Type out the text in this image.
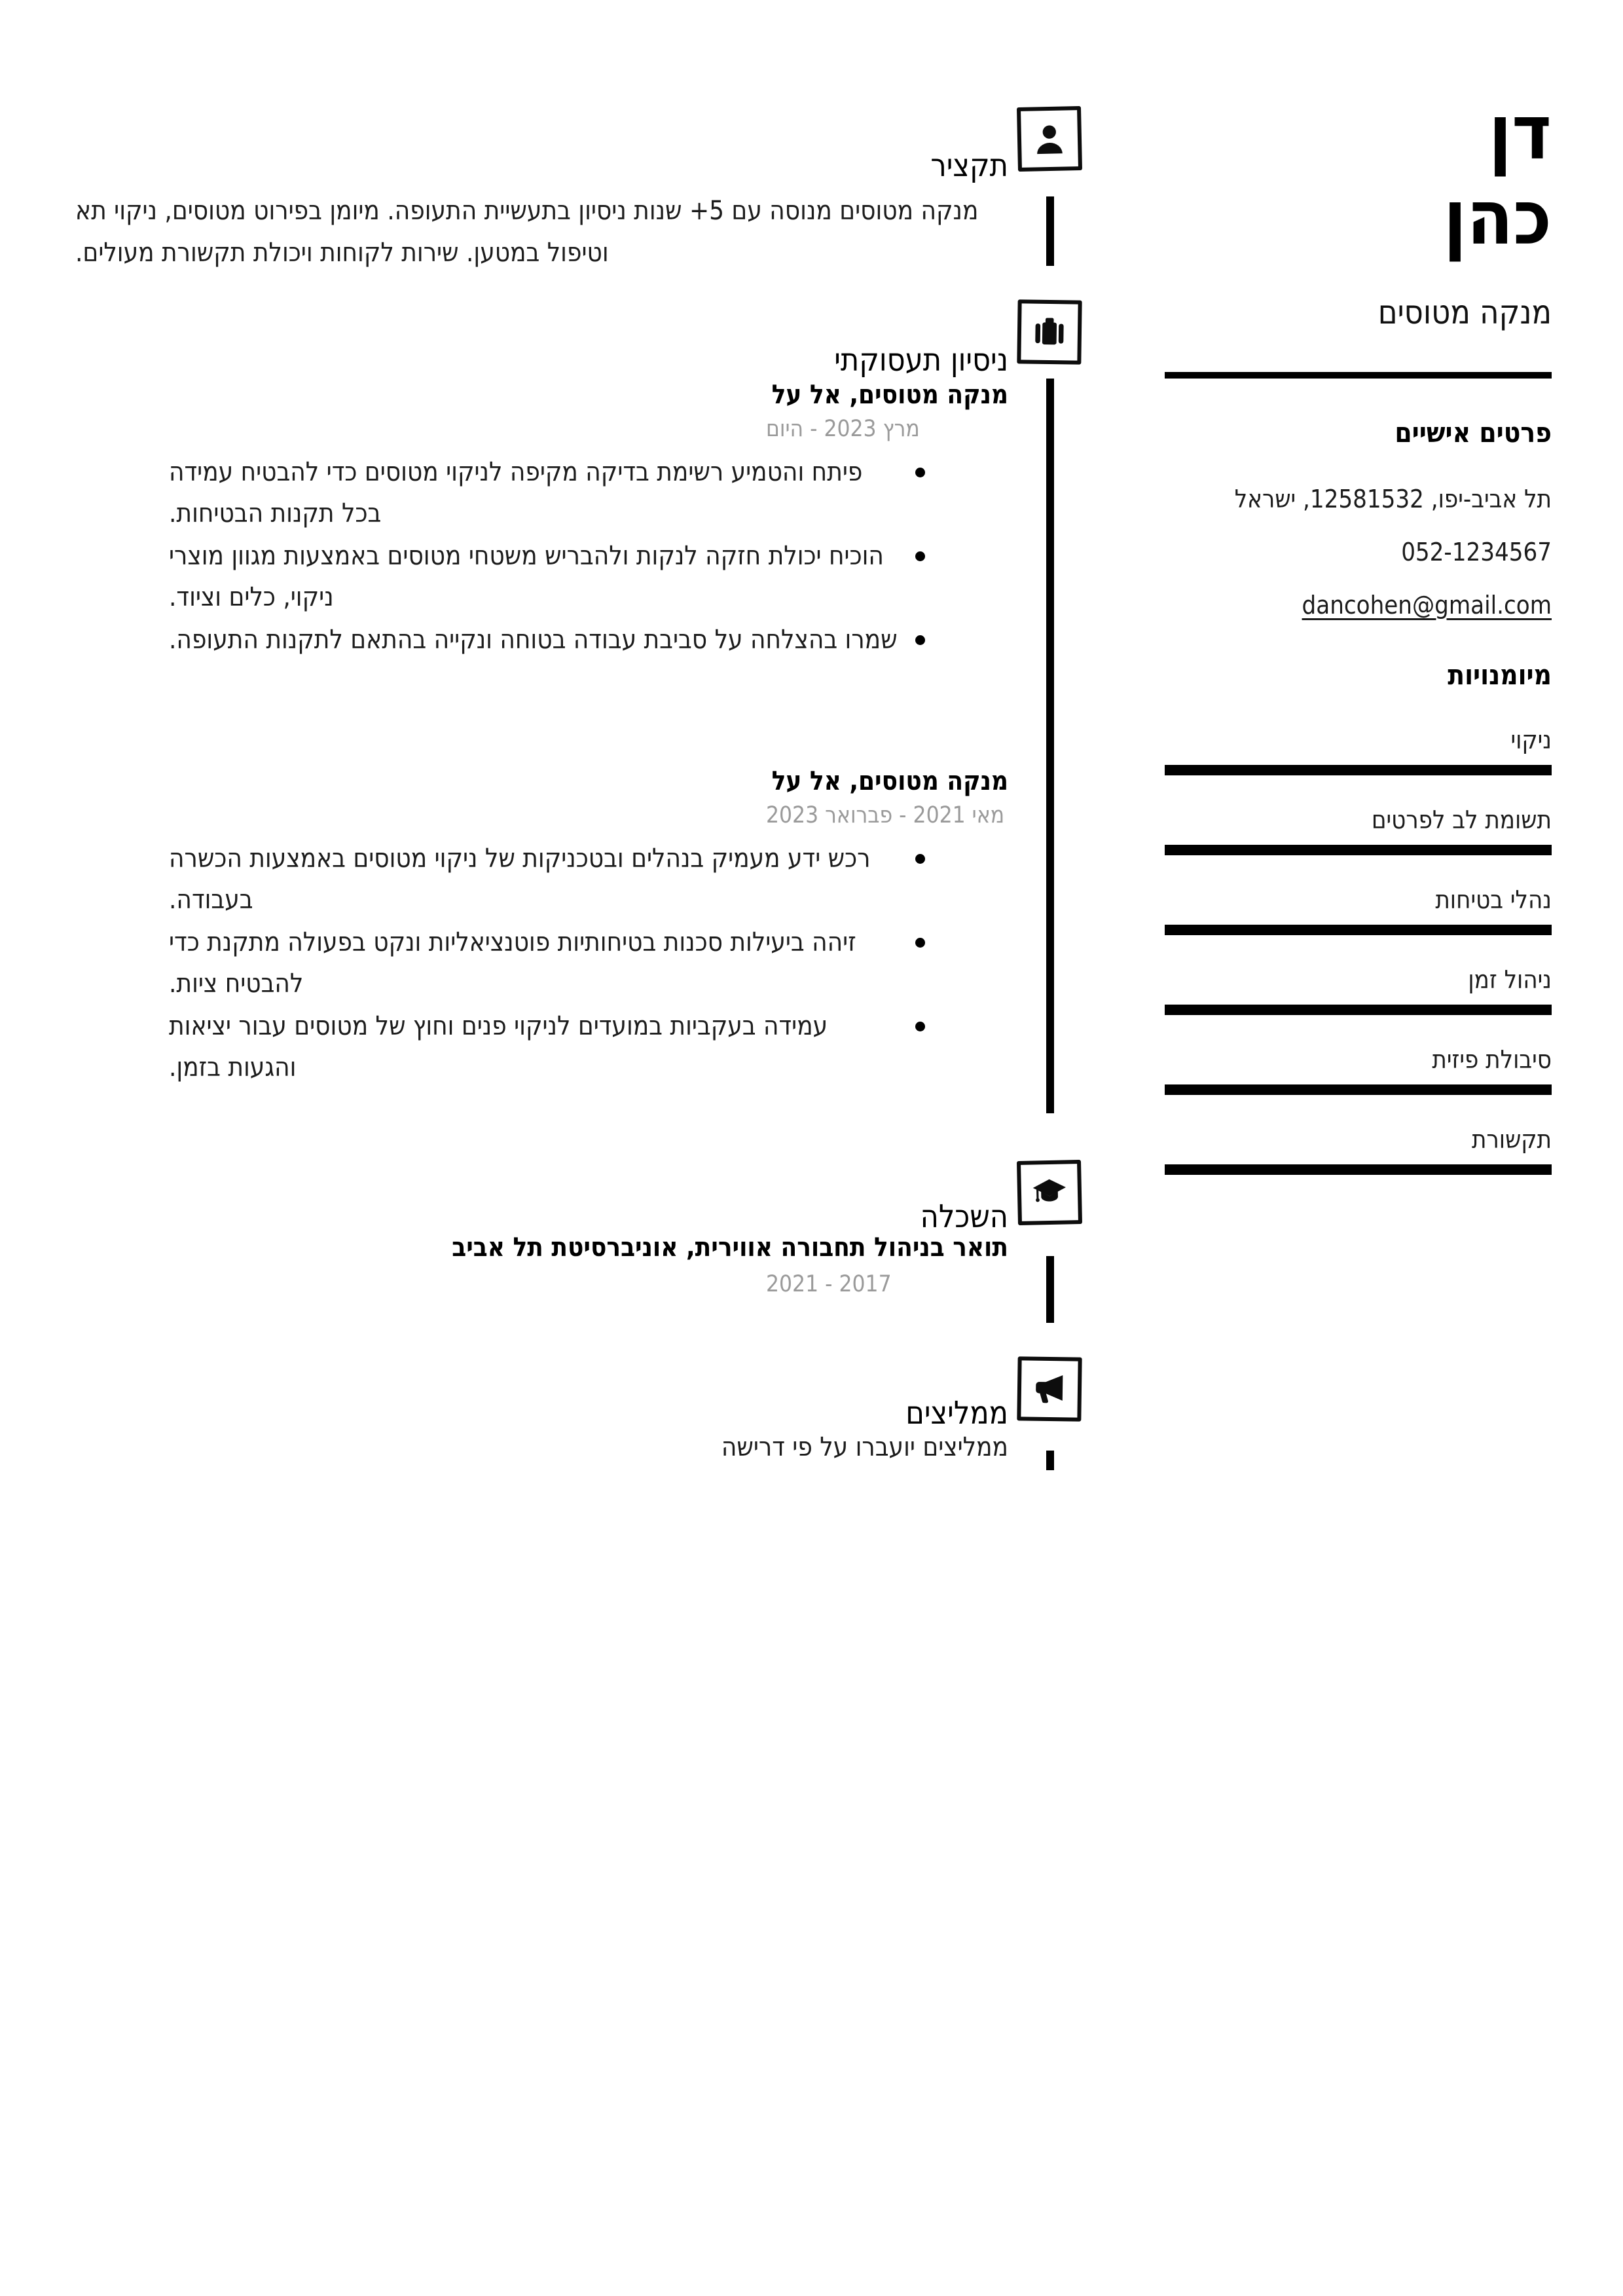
דן
כהן
מנקה מטוסים
פרטים אישיים
תל אביב-יפו, 12581532, ישראל
052-1234567
dancohen@gmail.com
מיומנויות
ניקוי
תשומת לב לפרטים
נהלי בטיחות
ניהול זמן
סיבולת פיזית
תקשורת
תקציר

מנקה מטוסים מנוסה עם 5+ שנות ניסיון בתעשיית התעופה. מיומן בפירוט מטוסים, ניקוי תא וטיפול במטען. שירות לקוחות ויכולת תקשורת מעולים.

ניסיון תעסוקתי
מנקה מטוסים, אל על

מרץ 2023 - היום

פיתח והטמיע רשימת בדיקה מקיפה לניקוי מטוסים כדי להבטיח עמידה בכל תקנות הבטיחות.
הוכיח יכולת חזקה לנקות ולהבריש משטחי מטוסים באמצעות מגוון מוצרי ניקוי, כלים וציוד.
שמרו בהצלחה על סביבת עבודה בטוחה ונקייה בהתאם לתקנות התעופה.
מנקה מטוסים, אל על

מאי 2021 - פברואר 2023

רכש ידע מעמיק בנהלים ובטכניקות של ניקוי מטוסים באמצעות הכשרה בעבודה.
זיהה ביעילות סכנות בטיחותיות פוטנציאליות ונקט בפעולה מתקנת כדי להבטיח ציות.
עמידה בעקביות במועדים לניקוי פנים וחוץ של מטוסים עבור יציאות והגעות בזמן.
השכלה
תואר בניהול תחבורה אווירית, אוניברסיטת תל אביב

2017 - 2021

ממליצים

ממליצים יועברו על פי דרישה
